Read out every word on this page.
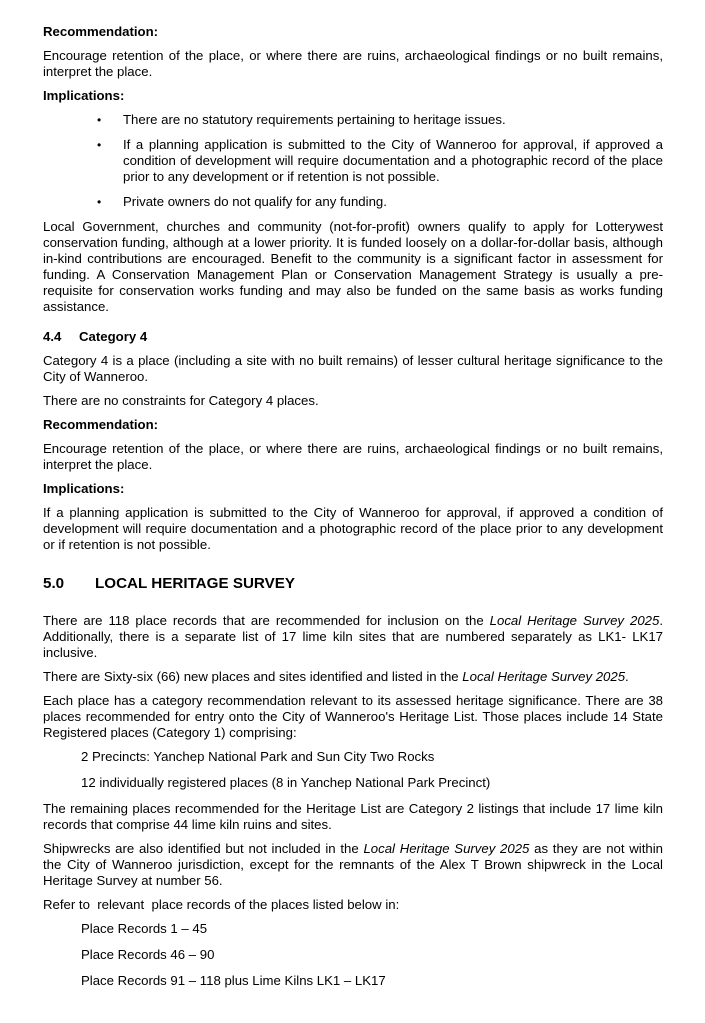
Recommendation:

Encourage retention of the place, or where there are ruins, archaeological findings or no built remains, interpret the place.

Implications:
•	There are no statutory requirements pertaining to heritage issues.
•	If a planning application is submitted to the City of Wanneroo for approval, if approved a condition of development will require documentation and a photographic record of the place prior to any development or if retention is not possible.
•	Private owners do not qualify for any funding.

Local Government, churches and community (not-for-profit) owners qualify to apply for Lotterywest conservation funding, although at a lower priority. It is funded loosely on a dollar-for-dollar basis, although in-kind contributions are encouraged. Benefit to the community is a significant factor in assessment for funding. A Conservation Management Plan or Conservation Management Strategy is usually a pre-requisite for conservation works funding and may also be funded on the same basis as works funding assistance.

4.4 Category 4

Category 4 is a place (including a site with no built remains) of lesser cultural heritage significance to the City of Wanneroo.

There are no constraints for Category 4 places.

Recommendation:

Encourage retention of the place, or where there are ruins, archaeological findings or no built remains, interpret the place.

Implications:

If a planning application is submitted to the City of Wanneroo for approval, if approved a condition of development will require documentation and a photographic record of the place prior to any development or if retention is not possible.

5.0 LOCAL HERITAGE SURVEY

There are 118 place records that are recommended for inclusion on the Local Heritage Survey 2025. Additionally, there is a separate list of 17 lime kiln sites that are numbered separately as LK1- LK17 inclusive.

There are Sixty-six (66) new places and sites identified and listed in the Local Heritage Survey 2025.

Each place has a category recommendation relevant to its assessed heritage significance. There are 38 places recommended for entry onto the City of Wanneroo's Heritage List. Those places include 14 State Registered places (Category 1) comprising:

2 Precincts: Yanchep National Park and Sun City Two Rocks
12 individually registered places (8 in Yanchep National Park Precinct)

The remaining places recommended for the Heritage List are Category 2 listings that include 17 lime kiln records that comprise 44 lime kiln ruins and sites.

Shipwrecks are also identified but not included in the Local Heritage Survey 2025 as they are not within the City of Wanneroo jurisdiction, except for the remnants of the Alex T Brown shipwreck in the Local Heritage Survey at number 56.

Refer to  relevant  place records of the places listed below in:

Place Records 1 – 45
Place Records 46 – 90
Place Records 91 – 118 plus Lime Kilns LK1 – LK17
